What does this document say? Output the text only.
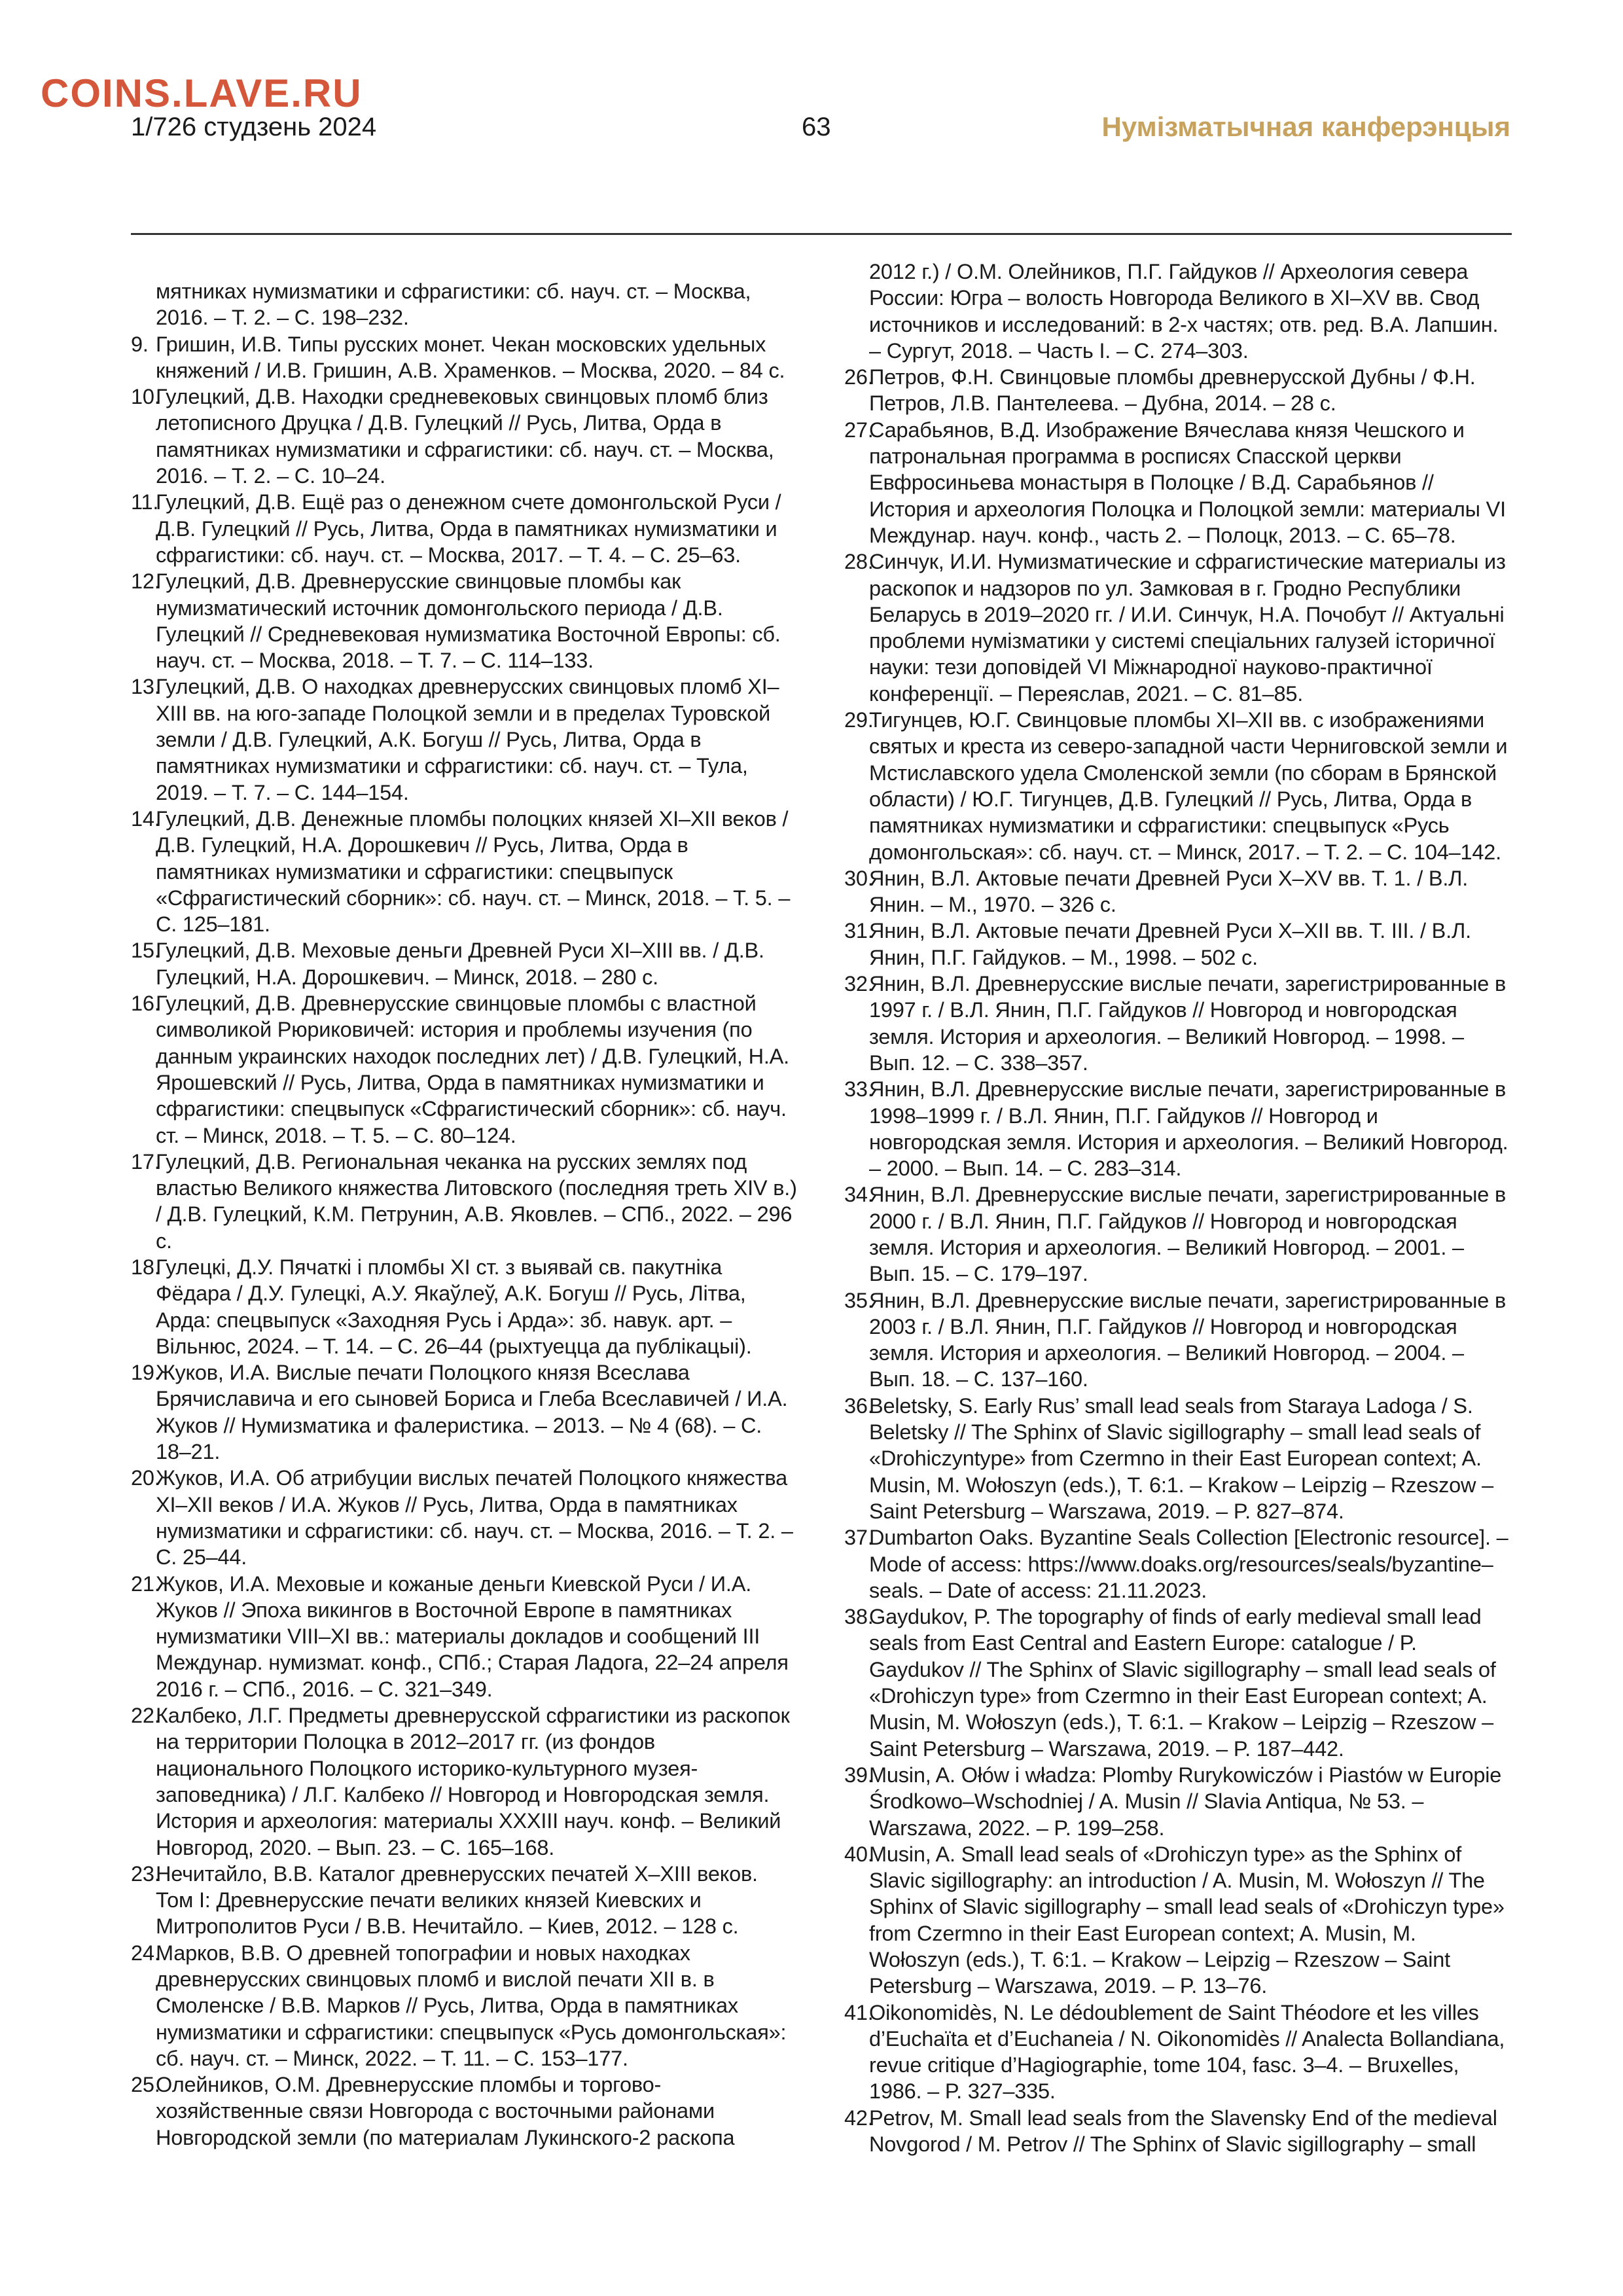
COINS.LAVE.RU
1/726 студзень 2024	63	Нумізматычная канферэнцыя
мятниках нумизматики и сфрагистики: сб. науч. ст. – Москва, 2016. – Т. 2. – С. 198–232.
9. Гришин, И.В. Типы русских монет. Чекан московских удельных княжений / И.В. Гришин, А.В. Храменков. – Москва, 2020. – 84 с.
10.
Гулецкий, Д.В. Находки средневековых свинцовых пломб близ летописного Друцка / Д.В. Гулецкий // Русь, Литва, Орда в памятниках нумизматики и сфрагистики: сб. науч. ст. – Москва, 2016. – Т. 2. – С. 10–24.
11.
Гулецкий, Д.В. Ещё раз о денежном счете домонгольской Руси / Д.В. Гулецкий // Русь, Литва, Орда в памятниках нумизматики и сфрагистики: сб. науч. ст. – Москва, 2017. – Т. 4. – С. 25–63.
12.
Гулецкий, Д.В. Древнерусские свинцовые пломбы как нумизматический источник домонгольского периода / Д.В. Гулецкий // Средневековая нумизматика Восточной Европы: сб. науч. ст. – Москва, 2018. – Т. 7. – С. 114–133.
13.
Гулецкий, Д.В. О находках древнерусских свинцовых пломб XI–XIII вв. на юго-западе Полоцкой земли и в пределах Туровской земли / Д.В. Гулецкий, А.К. Богуш // Русь, Литва, Орда в памятниках нумизматики и сфрагистики: сб. науч. ст. – Тула, 2019. – Т. 7. – С. 144–154.
14.
Гулецкий, Д.В. Денежные пломбы полоцких князей XI–XII веков / Д.В. Гулецкий, Н.А. Дорошкевич // Русь, Литва, Орда в памятниках нумизматики и сфрагистики: спецвыпуск «Сфрагистический сборник»: сб. науч. ст. – Минск, 2018. – Т. 5. – С. 125–181.
15.
Гулецкий, Д.В. Меховые деньги Древней Руси XI–XIII вв. / Д.В. Гулецкий, Н.А. Дорошкевич. – Минск, 2018. – 280 с.
16.
Гулецкий, Д.В. Древнерусские свинцовые пломбы с властной символикой Рюриковичей: история и проблемы изучения (по данным украинских находок последних лет) / Д.В. Гулецкий, Н.А. Ярошевский // Русь, Литва, Орда в памятниках нумизматики и сфрагистики: спецвыпуск «Сфрагистический сборник»: сб. науч. ст. – Минск, 2018. – Т. 5. – С. 80–124.
17.
Гулецкий, Д.В. Региональная чеканка на русских землях под властью Великого княжества Литовского (последняя треть XIV в.) / Д.В. Гулецкий, К.М. Петрунин, А.В. Яковлев. – СПб., 2022. – 296 с.
18.
Гулецкі, Д.У. Пячаткі і пломбы XI ст. з выявай св. пакутніка Фёдара / Д.У. Гулецкі, А.У. Якаўлеў, А.К. Богуш // Русь, Літва, Арда: спецвыпуск «Заходняя Русь і Арда»: зб. навук. арт. – Вільнюс, 2024. – Т. 14. – С. 26–44 (рыхтуецца да публікацыі).
19.
Жуков, И.А. Вислые печати Полоцкого князя Всеслава Брячиславича и его сыновей Бориса и Глеба Всеславичей / И.А. Жуков // Нумизматика и фалеристика. – 2013. – № 4 (68). – С. 18–21.
20.
Жуков, И.А. Об атрибуции вислых печатей Полоцкого княжества XI–XII веков / И.А. Жуков // Русь, Литва, Орда в памятниках нумизматики и сфрагистики: сб. науч. ст. – Москва, 2016. – Т. 2. – С. 25–44.
21.
Жуков, И.А. Меховые и кожаные деньги Киевской Руси / И.А. Жуков // Эпоха викингов в Восточной Европе в памятниках нумизматики VIII–XI вв.: материалы докладов и сообщений III Междунар. нумизмат. конф., СПб.; Старая Ладога, 22–24 апреля 2016 г. – СПб., 2016. – С. 321–349.
22.
Калбеко, Л.Г. Предметы древнерусской сфрагистики из раскопок на территории Полоцка в 2012–2017 гг. (из фондов национального Полоцкого историко-культурного музея-заповедника) / Л.Г. Калбеко // Новгород и Новгородская земля. История и археология: материалы XXXIII науч. конф. – Великий Новгород, 2020. – Вып. 23. – С. 165–168.
23.
Нечитайло, В.В. Каталог древнерусских печатей X–XIII веков. Том I: Древнерусские печати великих князей Киевских и Митрополитов Руси / В.В. Нечитайло. – Киев, 2012. – 128 с.
24.
Марков, В.В. О древней топографии и новых находках древнерусских свинцовых пломб и вислой печати XII в. в Смоленске / В.В. Марков // Русь, Литва, Орда в памятниках нумизматики и сфрагистики: спецвыпуск «Русь домонгольская»: сб. науч. ст. – Минск, 2022. – Т. 11. – С. 153–177.
25.
Олейников, О.М. Древнерусские пломбы и торгово-хозяйственные связи Новгорода с восточными районами Новгородской земли (по материалам Лукинского-2 раскопа
2012 г.) / О.М. Олейников, П.Г. Гайдуков // Археология севера России: Югра – волость Новгорода Великого в XI–XV вв. Свод источников и исследований: в 2-х частях; отв. ред. В.А. Лапшин. – Сургут, 2018. – Часть I. – С. 274–303.
26.
Петров, Ф.Н. Свинцовые пломбы древнерусской Дубны / Ф.Н. Петров, Л.В. Пантелеева. – Дубна, 2014. – 28 с.
27.
Сарабьянов, В.Д. Изображение Вячеслава князя Чешского и патрональная программа в росписях Спасской церкви Евфросиньева монастыря в Полоцке / В.Д. Сарабьянов // История и археология Полоцка и Полоцкой земли: материалы VI Междунар. науч. конф., часть 2. – Полоцк, 2013. – С. 65–78.
28.
Синчук, И.И. Нумизматические и сфрагистические материалы из раскопок и надзоров по ул. Замковая в г. Гродно Республики Беларусь в 2019–2020 гг. / И.И. Синчук, Н.А. Почобут // Актуальні проблеми нумізматики у системі спеціальних галузей історичної науки: тези доповідей VI Міжнародної науково-практичної конференції. – Переяслав, 2021. – С. 81–85.
29.
Тигунцев, Ю.Г. Свинцовые пломбы XI–XII вв. с изображениями святых и креста из северо-западной части Черниговской земли и Мстиславского удела Смоленской земли (по сборам в Брянской области) / Ю.Г. Тигунцев, Д.В. Гулецкий // Русь, Литва, Орда в памятниках нумизматики и сфрагистики: спецвыпуск «Русь домонгольская»: сб. науч. ст. – Минск, 2017. – Т. 2. – С. 104–142.
30.
Янин, В.Л. Актовые печати Древней Руси X–XV вв. Т. 1. / В.Л. Янин. – М., 1970. – 326 с.
31.
Янин, В.Л. Актовые печати Древней Руси X–XII вв. Т. III. / В.Л. Янин, П.Г. Гайдуков. – М., 1998. – 502 с.
32.
Янин, В.Л. Древнерусские вислые печати, зарегистрированные в 1997 г. / В.Л. Янин, П.Г. Гайдуков // Новгород и новгородская земля. История и археология. – Великий Новгород. – 1998. – Вып. 12. – С. 338–357.
33.
Янин, В.Л. Древнерусские вислые печати, зарегистрированные в 1998–1999 г. / В.Л. Янин, П.Г. Гайдуков // Новгород и новгородская земля. История и археология. – Великий Новгород. – 2000. – Вып. 14. – С. 283–314.
34.
Янин, В.Л. Древнерусские вислые печати, зарегистрированные в 2000 г. / В.Л. Янин, П.Г. Гайдуков // Новгород и новгородская земля. История и археология. – Великий Новгород. – 2001. – Вып. 15. – С. 179–197.
35.
Янин, В.Л. Древнерусские вислые печати, зарегистрированные в 2003 г. / В.Л. Янин, П.Г. Гайдуков // Новгород и новгородская земля. История и археология. – Великий Новгород. – 2004. – Вып. 18. – С. 137–160.
36.
Beletsky, S. Early Rus’ small lead seals from Staraya Ladoga / S. Beletsky // The Sphinx of Slavic sigillography – small lead seals of «Drohiczyntype» from Czermno in their East European context; A. Musin, M. Wołoszyn (eds.), T. 6:1. – Krakow – Leipzig – Rzeszow – Saint Petersburg – Warszawa, 2019. – P. 827–874.
37.
Dumbarton Oaks. Byzantine Seals Collection [Electronic resource]. – Mode of access: https://www.doaks.org/resources/seals/byzantine–seals. – Date of access: 21.11.2023.
38.
Gaydukov, P. The topography of finds of early medieval small lead seals from East Central and Eastern Europe: catalogue / P. Gaydukov // The Sphinx of Slavic sigillography – small lead seals of «Drohiczyn type» from Czermno in their East European context; A. Musin, M. Wołoszyn (eds.), T. 6:1. – Krakow – Leipzig – Rzeszow – Saint Petersburg – Warszawa, 2019. – P. 187–442.
39.
Musin, A. Ołów i władza: Plomby Rurykowiczów i Piastów w Europie Środkowo–Wschodniej / A. Musin // Slavia Antiqua, № 53. – Warszawa, 2022. – P. 199–258.
40.
Musin, A. Small lead seals of «Drohiczyn type» as the Sphinx of Slavic sigillography: an introduction / A. Musin, M. Wołoszyn // The Sphinx of Slavic sigillography – small lead seals of «Drohiczyn type» from Czermno in their East European context; A. Musin, M. Wołoszyn (eds.), T. 6:1. – Krakow – Leipzig – Rzeszow – Saint Petersburg – Warszawa, 2019. – P. 13–76.
41.
Oikonomidès, N. Le dédoublement de Saint Théodore et les villes d’Euchaïta et d’Euchaneia / N. Oikonomidès // Analecta Bollandiana, revue critique d’Hagiographie, tome 104, fasc. 3–4. – Bruxelles, 1986. – P. 327–335.
42.
Petrov, M. Small lead seals from the Slavensky End of the medieval Novgorod / M. Petrov // The Sphinx of Slavic sigillography – small
